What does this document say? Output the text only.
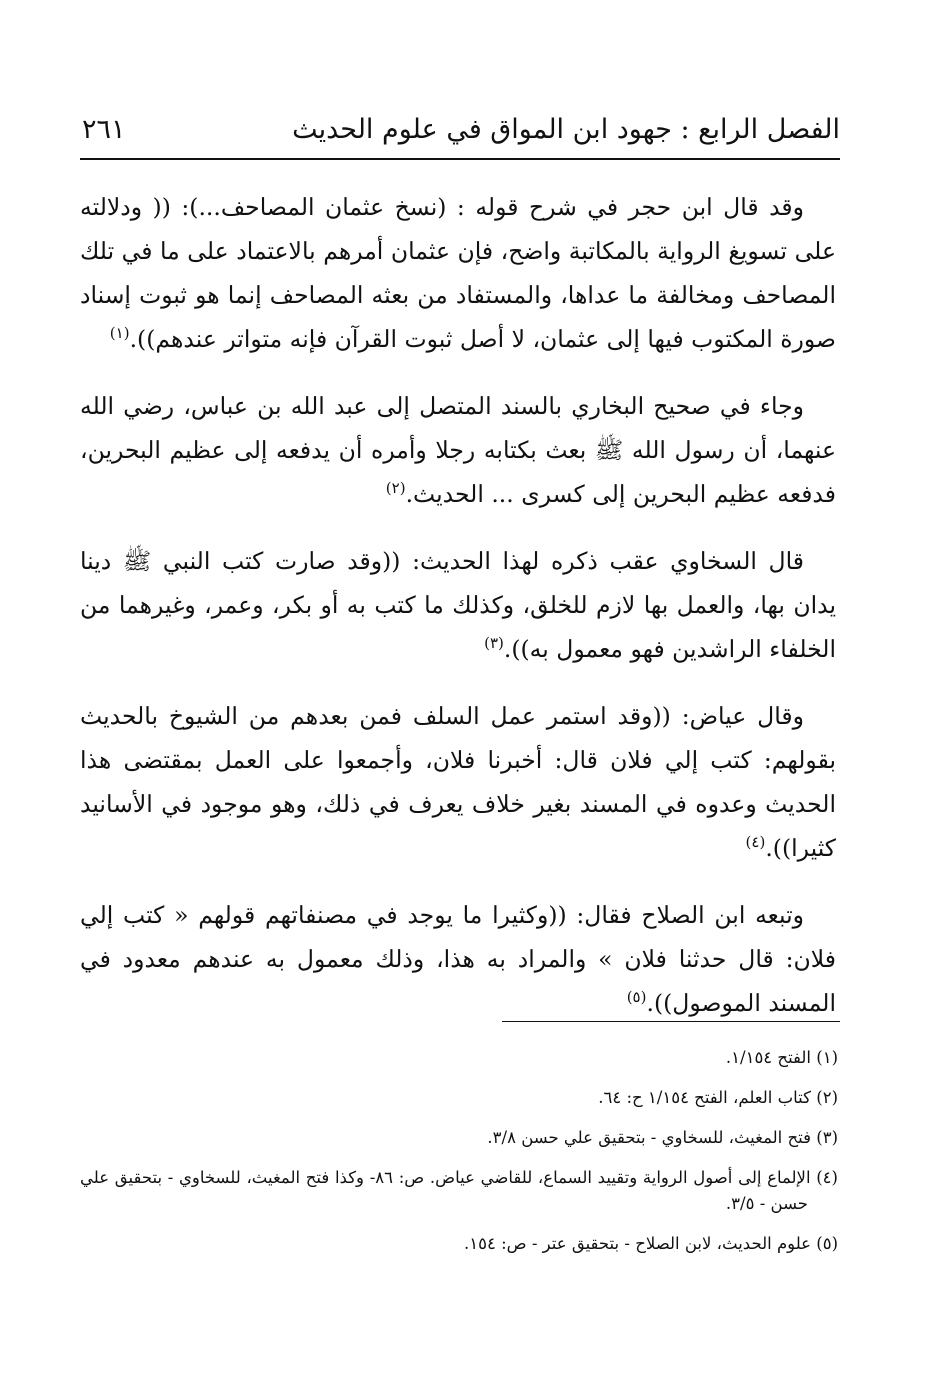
الفصل الرابع : جهود ابن المواق في علوم الحديث
٢٦١

وقد قال ابن حجر في شرح قوله : (نسخ عثمان المصاحف...): (( ودلالته على تسويغ الرواية بالمكاتبة واضح، فإن عثمان أمرهم بالاعتماد على ما في تلك المصاحف ومخالفة ما عداها، والمستفاد من بعثه المصاحف إنما هو ثبوت إسناد صورة المكتوب فيها إلى عثمان، لا أصل ثبوت القرآن فإنه متواتر عندهم)).$^{(١)}$

وجاء في صحيح البخاري بالسند المتصل إلى عبد الله بن عباس، رضي الله عنهما، أن رسول الله ﷺ بعث بكتابه رجلا وأمره أن يدفعه إلى عظيم البحرين، فدفعه عظيم البحرين إلى كسرى ... الحديث.$^{(٢)}$

قال السخاوي عقب ذكره لهذا الحديث: ((وقد صارت كتب النبي ﷺ دينا يدان بها، والعمل بها لازم للخلق، وكذلك ما كتب به أو بكر، وعمر، وغيرهما من الخلفاء الراشدين فهو معمول به)).$^{(٣)}$

وقال عياض: ((وقد استمر عمل السلف فمن بعدهم من الشيوخ بالحديث بقولهم: كتب إلي فلان قال: أخبرنا فلان، وأجمعوا على العمل بمقتضى هذا الحديث وعدوه في المسند بغير خلاف يعرف في ذلك، وهو موجود في الأسانيد كثيرا)).$^{(٤)}$

وتبعه ابن الصلاح فقال: ((وكثيرا ما يوجد في مصنفاتهم قولهم « كتب إلي فلان: قال حدثنا فلان » والمراد به هذا، وذلك معمول به عندهم معدود في المسند الموصول)).$^{(٥)}$

(١) الفتح ١/١٥٤.

(٢) كتاب العلم، الفتح ١/١٥٤ ح: ٦٤.

(٣) فتح المغيث، للسخاوي - بتحقيق علي حسن ٣/٨.

(٤) الإلماع إلى أصول الرواية وتقييد السماع، للقاضي عياض. ص: ٨٦- وكذا فتح المغيث، للسخاوي - بتحقيق علي حسن - ٣/٥.

(٥) علوم الحديث، لابن الصلاح - بتحقيق عتر - ص: ١٥٤.
